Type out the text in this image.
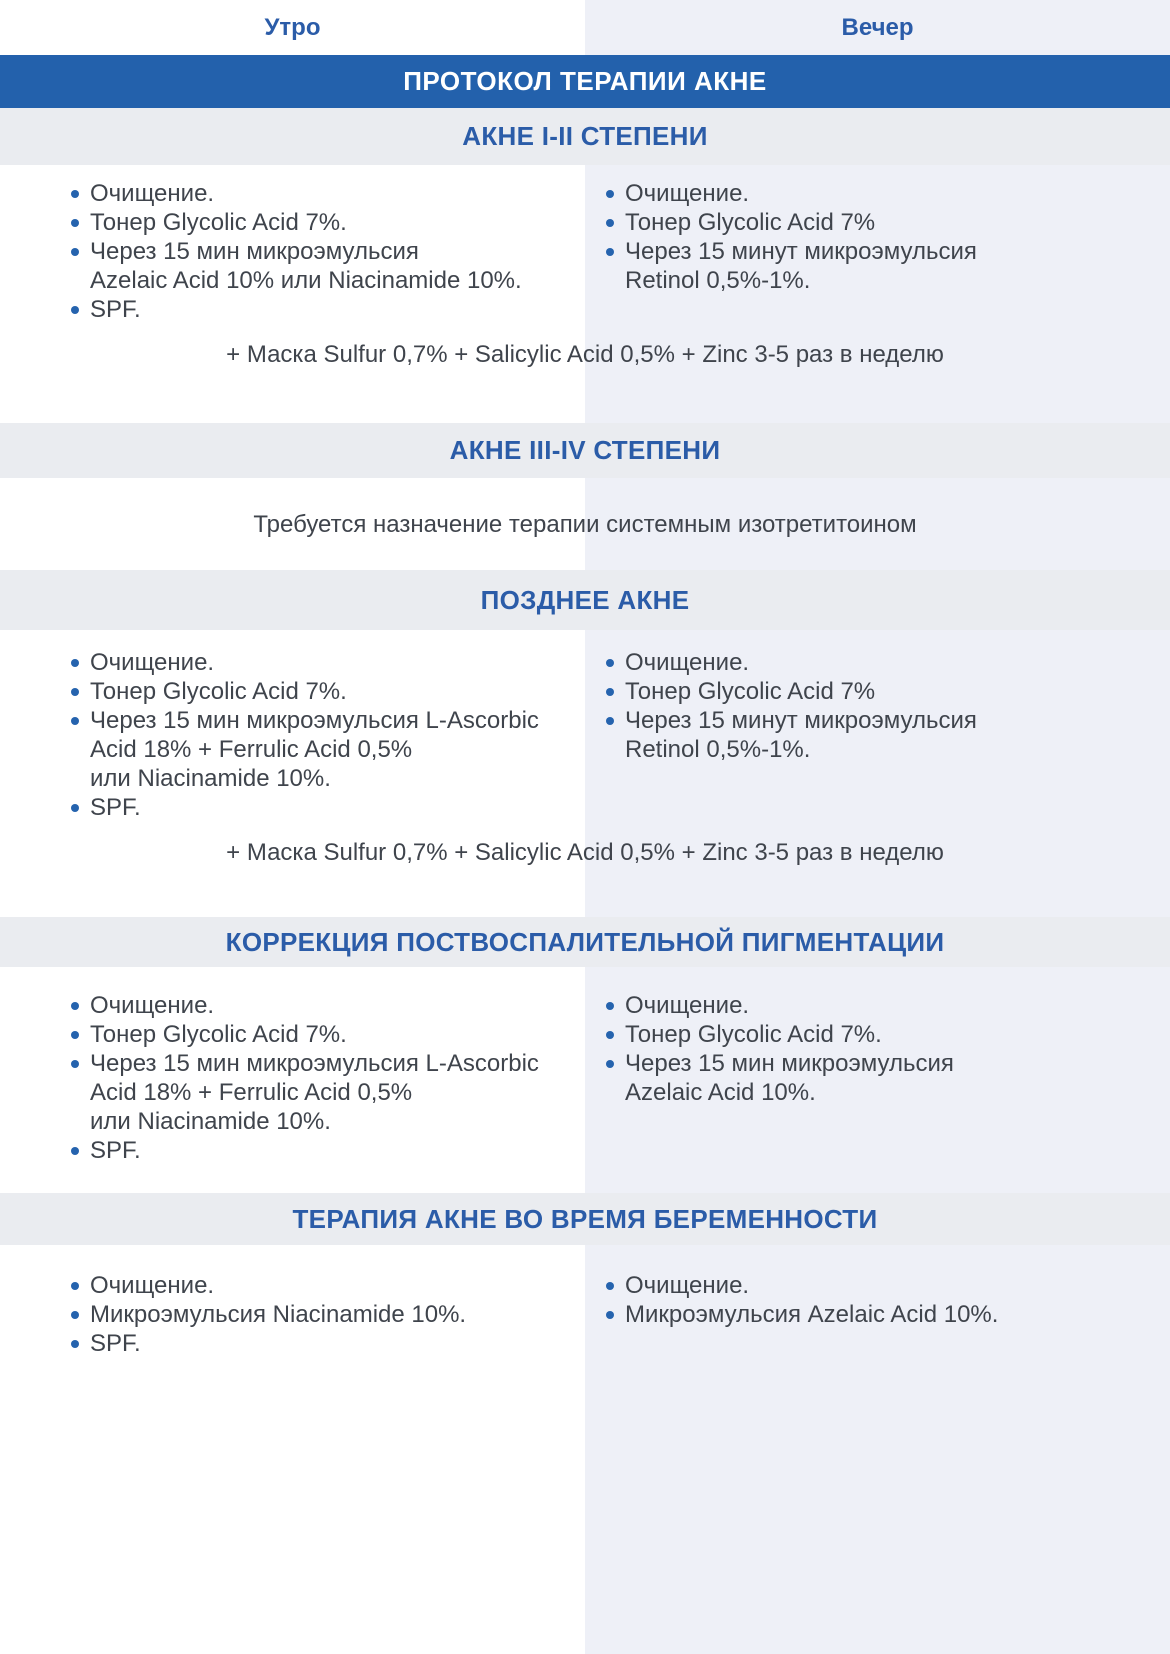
Утро	Вечер
ПРОТОКОЛ ТЕРАПИИ АКНЕ
АКНЕ I-II СТЕПЕНИ
Очищение.
Тонер Glycolic Acid 7%.
Через 15 мин микроэмульсия
Azelaic Acid 10% или Niacinamide 10%.
SPF.
Очищение.
Тонер Glycolic Acid 7%
Через 15 минут микроэмульсия
Retinol 0,5%-1%.
+ Маска Sulfur 0,7% + Salicylic Acid 0,5% + Zinc 3-5 раз в неделю
АКНЕ III-IV СТЕПЕНИ
Требуется назначение терапии системным изотретитоином
ПОЗДНЕЕ АКНЕ
Очищение.
Тонер Glycolic Acid 7%.
Через 15 мин микроэмульсия L-Ascorbic
Acid 18% + Ferrulic Acid 0,5%
или Niacinamide 10%.
SPF.
Очищение.
Тонер Glycolic Acid 7%
Через 15 минут микроэмульсия
Retinol 0,5%-1%.
+ Маска Sulfur 0,7% + Salicylic Acid 0,5% + Zinc 3-5 раз в неделю
КОРРЕКЦИЯ ПОСТВОСПАЛИТЕЛЬНОЙ ПИГМЕНТАЦИИ
Очищение.
Тонер Glycolic Acid 7%.
Через 15 мин микроэмульсия L-Ascorbic
Acid 18% + Ferrulic Acid 0,5%
или Niacinamide 10%.
SPF.
Очищение.
Тонер Glycolic Acid 7%.
Через 15 мин микроэмульсия
Azelaic Acid 10%.
ТЕРАПИЯ АКНЕ ВО ВРЕМЯ БЕРЕМЕННОСТИ
Очищение.
Микроэмульсия Niacinamide 10%.
SPF.
Очищение.
Микроэмульсия Azelaic Acid 10%.
